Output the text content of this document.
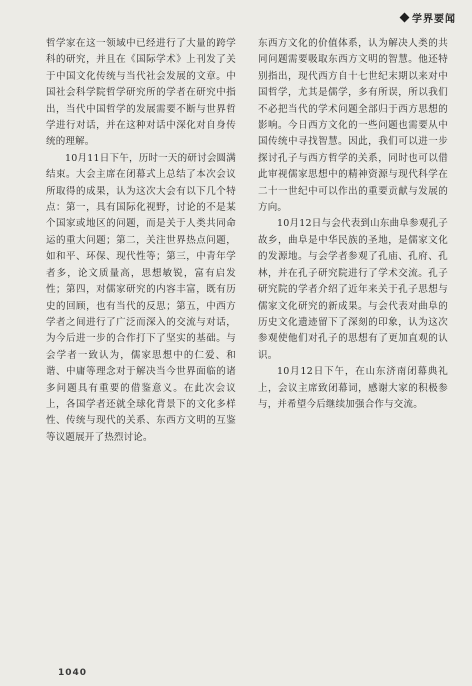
学界要闻

哲学家在这一领域中已经进行了大量的跨学科的研究，并且在《国际学术》上刊发了关于中国文化传统与当代社会发展的文章。中国社会科学院哲学研究所的学者在研究中指出，当代中国哲学的发展需要不断与世界哲学进行对话，并在这种对话中深化对自身传统的理解。

10月11日下午，历时一天的研讨会圆满结束。大会主席在闭幕式上总结了本次会议所取得的成果，认为这次大会有以下几个特点：第一，具有国际化视野，讨论的不是某个国家或地区的问题，而是关于人类共同命运的重大问题；第二，关注世界热点问题，如和平、环保、现代性等；第三，中青年学者多，论文质量高，思想敏锐，富有启发性；第四，对儒家研究的内容丰富，既有历史的回顾，也有当代的反思；第五，中西方学者之间进行了广泛而深入的交流与对话，为今后进一步的合作打下了坚实的基础。与会学者一致认为，儒家思想中的仁爱、和谐、中庸等理念对于解决当今世界面临的诸多问题具有重要的借鉴意义。在此次会议上，各国学者还就全球化背景下的文化多样性、传统与现代的关系、东西方文明的互鉴等议题展开了热烈讨论。

东西方文化的价值体系，认为解决人类的共同问题需要吸取东西方文明的智慧。他还特别指出，现代西方自十七世纪末期以来对中国哲学，尤其是儒学，多有所误，所以我们不必把当代的学术问题全部归于西方思想的影响。今日西方文化的一些问题也需要从中国传统中寻找智慧。因此，我们可以进一步探讨孔子与西方哲学的关系，同时也可以借此审视儒家思想中的精神资源与现代科学在二十一世纪中可以作出的重要贡献与发展的方向。

10月12日与会代表到山东曲阜参观孔子故乡，曲阜是中华民族的圣地，是儒家文化的发源地。与会学者参观了孔庙、孔府、孔林，并在孔子研究院进行了学术交流。孔子研究院的学者介绍了近年来关于孔子思想与儒家文化研究的新成果。与会代表对曲阜的历史文化遗迹留下了深刻的印象，认为这次参观使他们对孔子的思想有了更加直观的认识。

10月12日下午，在山东济南闭幕典礼上，会议主席致闭幕词，感谢大家的积极参与，并希望今后继续加强合作与交流。

1040
